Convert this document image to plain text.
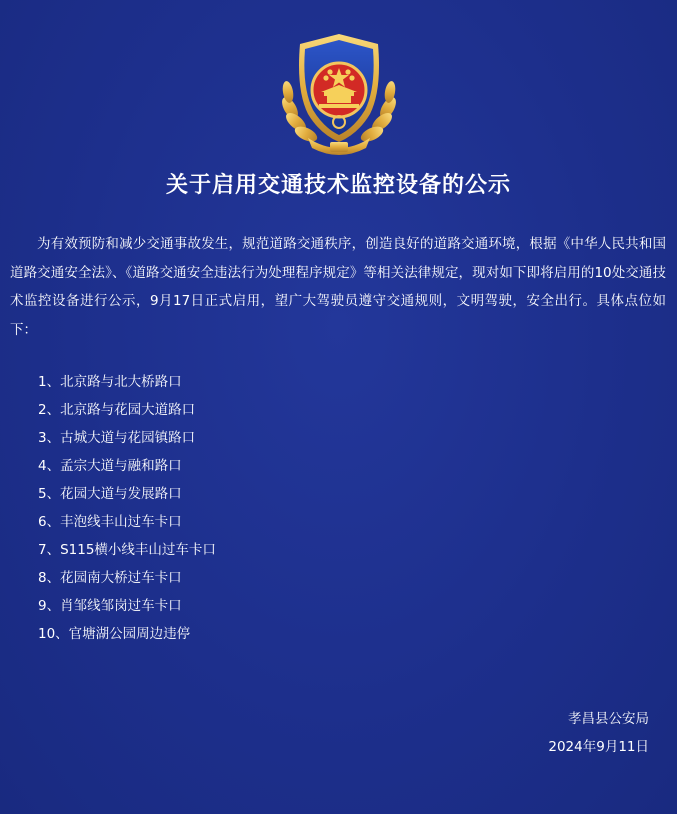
关于启用交通技术监控设备的公示

为有效预防和减少交通事故发生，规范道路交通秩序，创造良好的道路交通环境，根据《中华人民共和国道路交通安全法》、《道路交通安全违法行为处理程序规定》等相关法律规定，现对如下即将启用的10处交通技术监控设备进行公示，9月17日正式启用，望广大驾驶员遵守交通规则，文明驾驶，安全出行。具体点位如下：

1、北京路与北大桥路口
2、北京路与花园大道路口
3、古城大道与花园镇路口
4、孟宗大道与融和路口
5、花园大道与发展路口
6、丰泡线丰山过车卡口
7、S115横小线丰山过车卡口
8、花园南大桥过车卡口
9、肖邹线邹岗过车卡口
10、官塘湖公园周边违停
孝昌县公安局
2024年9月11日
